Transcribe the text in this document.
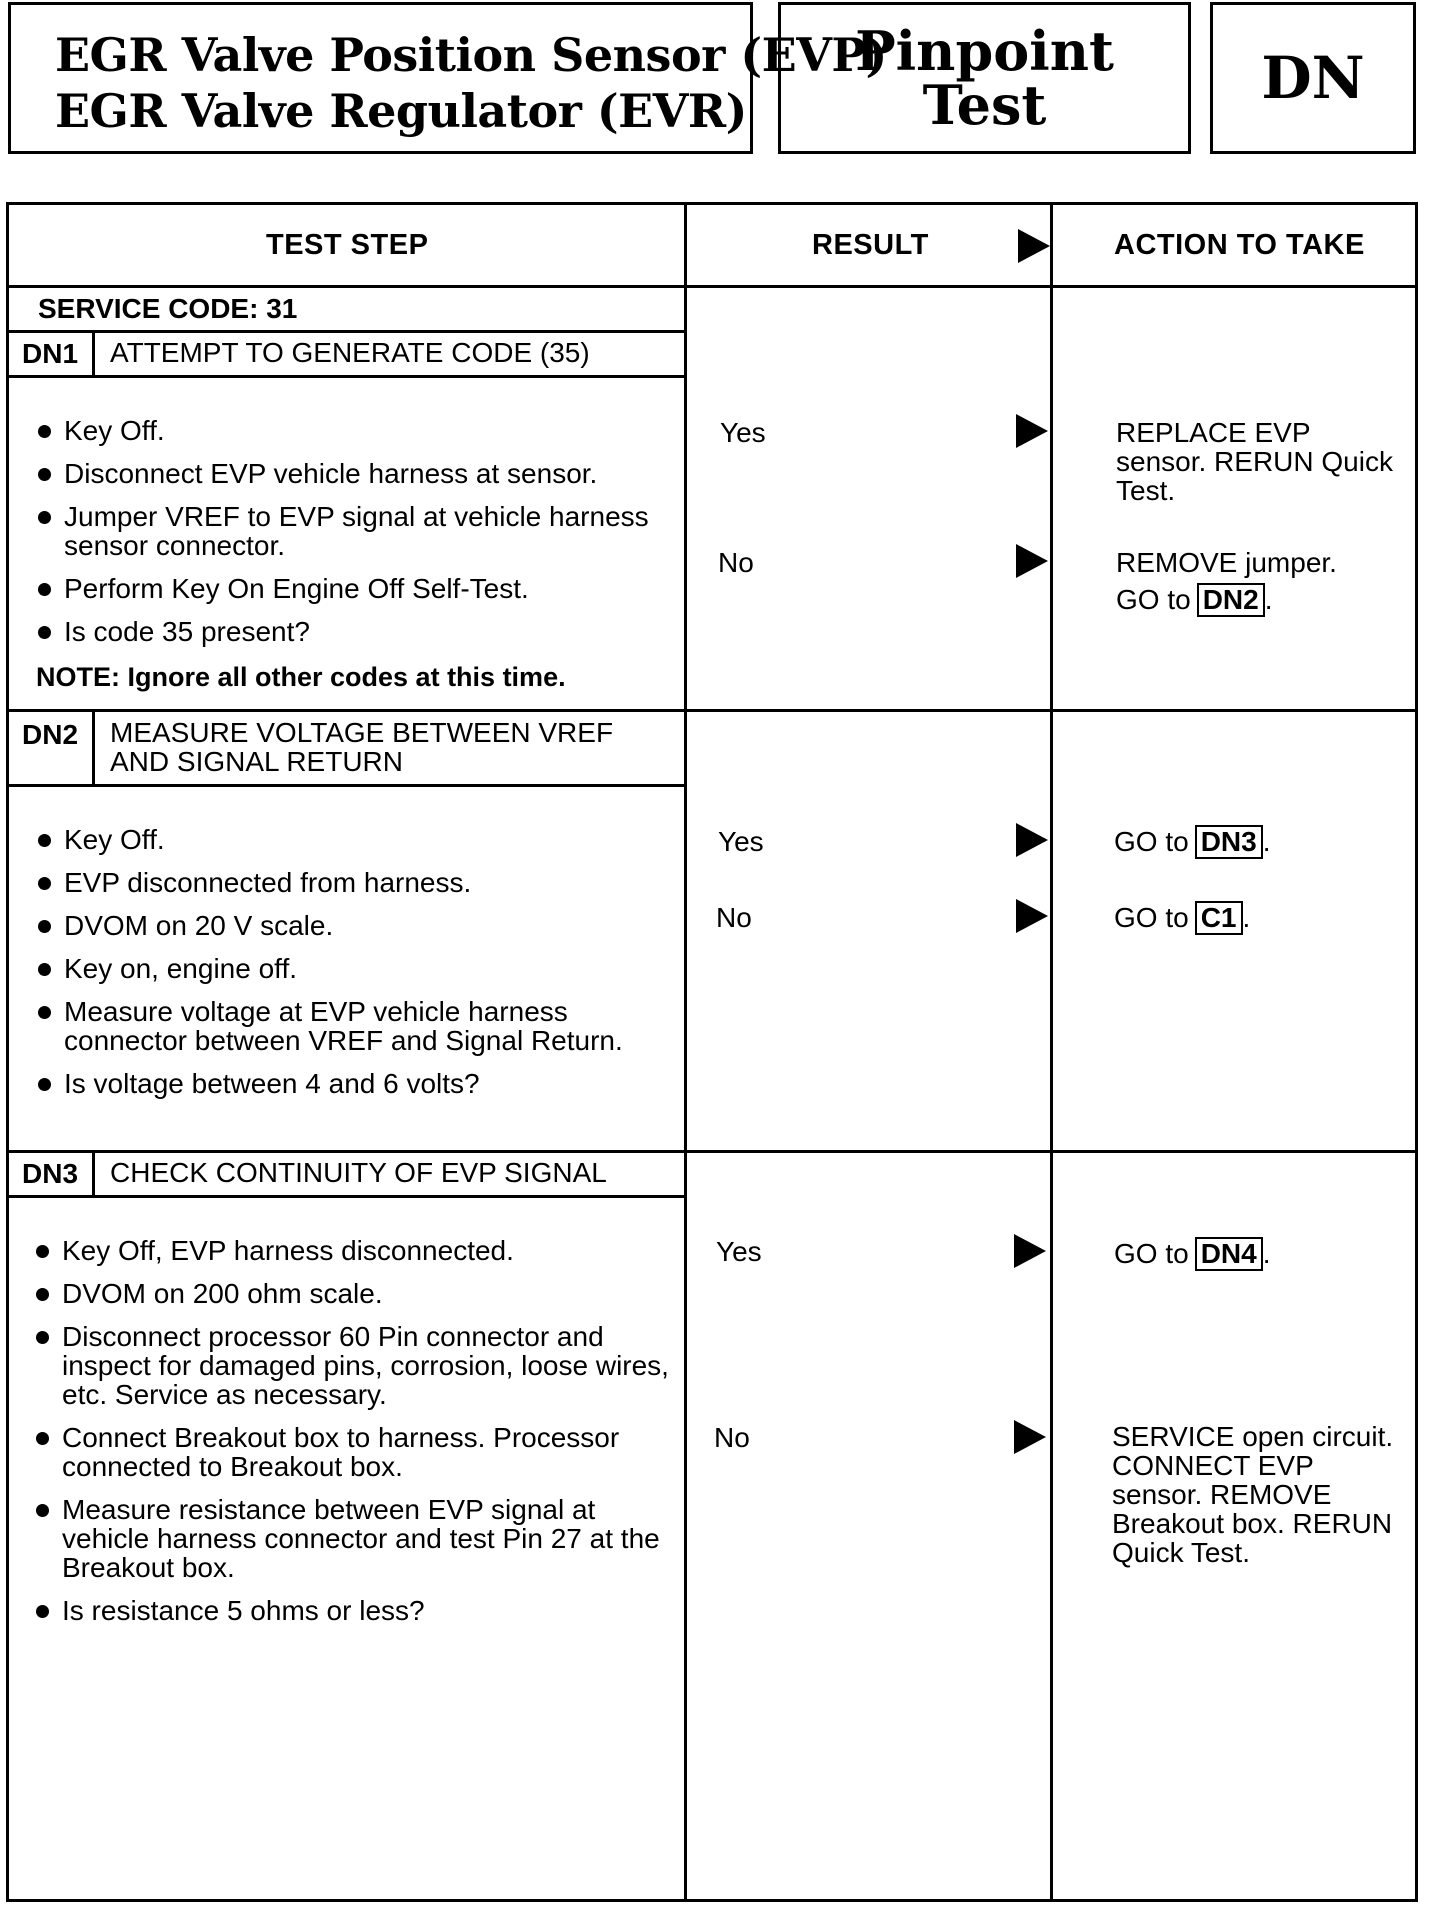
EGR Valve Position Sensor (EVP)
EGR Valve Regulator (EVR)
Pinpoint
Test	DN
TEST STEP	RESULT	ACTION TO TAKE
SERVICE CODE: 31
DN1 ATTEMPT TO GENERATE CODE (35)
Key Off.
Disconnect EVP vehicle harness at sensor.
Jumper VREF to EVP signal at vehicle harness sensor connector.
Perform Key On Engine Off Self-Test.
Is code 35 present?
NOTE: Ignore all other codes at this time.
Yes	REPLACE EVP sensor. RERUN Quick Test.
No	REMOVE jumper.
GO to DN2 .
DN2 MEASURE VOLTAGE BETWEEN VREF AND SIGNAL RETURN
Key Off.
EVP disconnected from harness.
DVOM on 20 V scale.
Key on, engine off.
Measure voltage at EVP vehicle harness connector between VREF and Signal Return.
Is voltage between 4 and 6 volts?
Yes	GO to DN3 .
No	GO to C1 .
DN3 CHECK CONTINUITY OF EVP SIGNAL
Key Off, EVP harness disconnected.
DVOM on 200 ohm scale.
Disconnect processor 60 Pin connector and inspect for damaged pins, corrosion, loose wires, etc. Service as necessary.
Connect Breakout box to harness. Processor connected to Breakout box.
Measure resistance between EVP signal at vehicle harness connector and test Pin 27 at the Breakout box.
Is resistance 5 ohms or less?
Yes	GO to DN4 .
No	SERVICE open circuit. CONNECT EVP sensor. REMOVE Breakout box. RERUN Quick Test.
